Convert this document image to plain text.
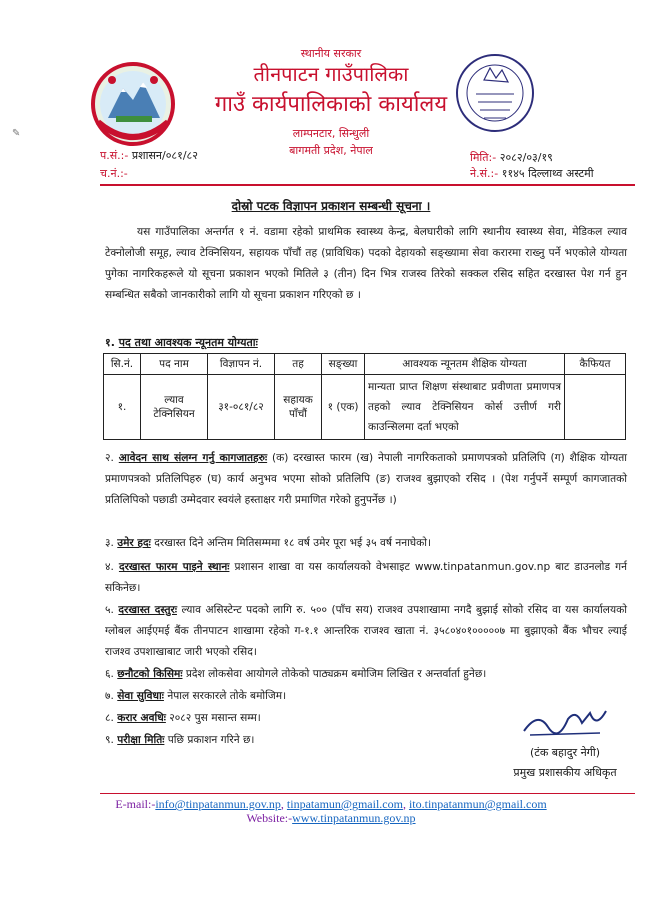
✎
स्थानीय सरकार
तीनपाटन गाउँपालिका
गाउँ कार्यपालिकाको कार्यालय
लाम्पनटार, सिन्धुली
बागमती प्रदेश, नेपाल
प.सं.:- प्रशासन/०८१/८२
च.नं.:-
मिति:- २०८२/०३/१९
ने.सं.:- ११४५ दिल्लाथ्व अस्टमी
दोस्रो पटक विज्ञापन प्रकाशन सम्बन्धी सूचना ।
यस गाउँपालिका अन्तर्गत १ नं. वडामा रहेको प्राथमिक स्वास्थ्य केन्द्र, बेलघारीको लागि स्थानीय स्वास्थ्य सेवा, मेडिकल ल्याव टेक्नोलोजी समूह, ल्याव टेक्निसियन, सहायक पाँचौं तह (प्राविधिक) पदको देहायको सङ्ख्यामा सेवा करारमा राख्नु पर्ने भएकोले योग्यता पुगेका नागरिकहरूले यो सूचना प्रकाशन भएको मितिले ३ (तीन) दिन भित्र राजस्व तिरेको सक्कल रसिद सहित दरखास्त पेश गर्न हुन सम्बन्धित सबैको जानकारीको लागि यो सूचना प्रकाशन गरिएको छ ।
१. पद तथा आवश्यक न्यूनतम योग्यताः
सि.नं.	पद नाम	विज्ञापन नं.	तह	सङ्ख्या	आवश्यक न्यूनतम शैक्षिक योग्यता	कैफियत
१.	ल्याव टेक्निसियन	३१-०८१/८२	सहायक पाँचौं	१ (एक)	मान्यता प्राप्त शिक्षण संस्थाबाट प्रवीणता प्रमाणपत्र तहको ल्याव टेक्निसियन कोर्स उत्तीर्ण गरी काउन्सिलमा दर्ता भएको	
२. आवेदन साथ संलग्न गर्नु कागजातहरुः (क) दरखास्त फारम (ख) नेपाली नागरिकताको प्रमाणपत्रको प्रतिलिपि (ग) शैक्षिक योग्यता प्रमाणपत्रको प्रतिलिपिहरु (घ) कार्य अनुभव भएमा सोको प्रतिलिपि (ङ) राजश्व बुझाएको रसिद । (पेश गर्नुपर्ने सम्पूर्ण कागजातको प्रतिलिपिको पछाडी उम्मेदवार स्वयंले हस्ताक्षर गरी प्रमाणित गरेको हुनुपर्नेछ ।)
३. उमेर हदः दरखास्त दिने अन्तिम मितिसम्ममा १८ वर्ष उमेर पूरा भई ३५ वर्ष ननाघेको।
४. दरखास्त फारम पाइने स्थानः प्रशासन शाखा वा यस कार्यालयको वेभसाइट www.tinpatanmun.gov.np बाट डाउनलोड गर्न सकिनेछ।
५. दरखास्त दस्तुरः ल्याव असिस्टेन्ट पदको लागि रु. ५०० (पाँच सय) राजश्व उपशाखामा नगदै बुझाई सोको रसिद वा यस कार्यालयको ग्लोबल आईएमई बैंक तीनपाटन शाखामा रहेको ग-१.१ आन्तरिक राजश्व खाता नं. ३५८०४०१०००००७ मा बुझाएको बैंक भौचर ल्याई राजश्व उपशाखाबाट जारी भएको रसिद।
६. छनौटको किसिमः प्रदेश लोकसेवा आयोगले तोकेको पाठ्यक्रम बमोजिम लिखित र अन्तर्वार्ता हुनेछ।
७. सेवा सुविधाः नेपाल सरकारले तोके बमोजिम।
८. करार अवधिः २०८२ पुस मसान्त सम्म।
९. परीक्षा मितिः पछि प्रकाशन गरिने छ।
(टंक बहादुर नेगी)
प्रमुख प्रशासकीय अधिकृत
E-mail:-info@tinpatanmun.gov.np, tinpatamun@gmail.com, ito.tinpatanmun@gmail.com
Website:-www.tinpatanmun.gov.np
